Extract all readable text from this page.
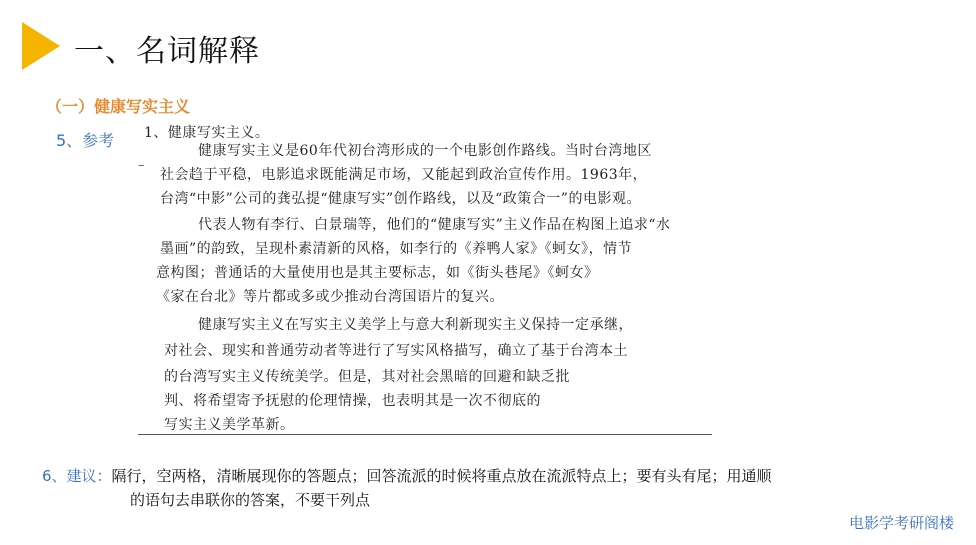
一、名词解释
（一）健康写实主义
5、参考 1、健康写实主义。
–
健康写实主义是60年代初台湾形成的一个电影创作路线。当时台湾地区
社会趋于平稳，电影追求既能满足市场，又能起到政治宣传作用。1963年，
台湾“中影”公司的龚弘提“健康写实”创作路线，以及“政策合一”的电影观。
代表人物有李行、白景瑞等，他们的“健康写实”主义作品在构图上追求“水
墨画”的韵致，呈现朴素清新的风格，如李行的《养鸭人家》《蚵女》，情节
意构图；普通话的大量使用也是其主要标志，如《街头巷尾》《蚵女》
《家在台北》等片都或多或少推动台湾国语片的复兴。
健康写实主义在写实主义美学上与意大利新现实主义保持一定承继，
对社会、现实和普通劳动者等进行了写实风格描写，确立了基于台湾本土
的台湾写实主义传统美学。但是，其对社会黑暗的回避和缺乏批
判、将希望寄予抚慰的伦理情操，也表明其是一次不彻底的
写实主义美学革新。
6、建议：隔行，空两格，清晰展现你的答题点；回答流派的时候将重点放在流派特点上；要有头有尾；用通顺
的语句去串联你的答案，不要干列点
电影学考研阁楼
